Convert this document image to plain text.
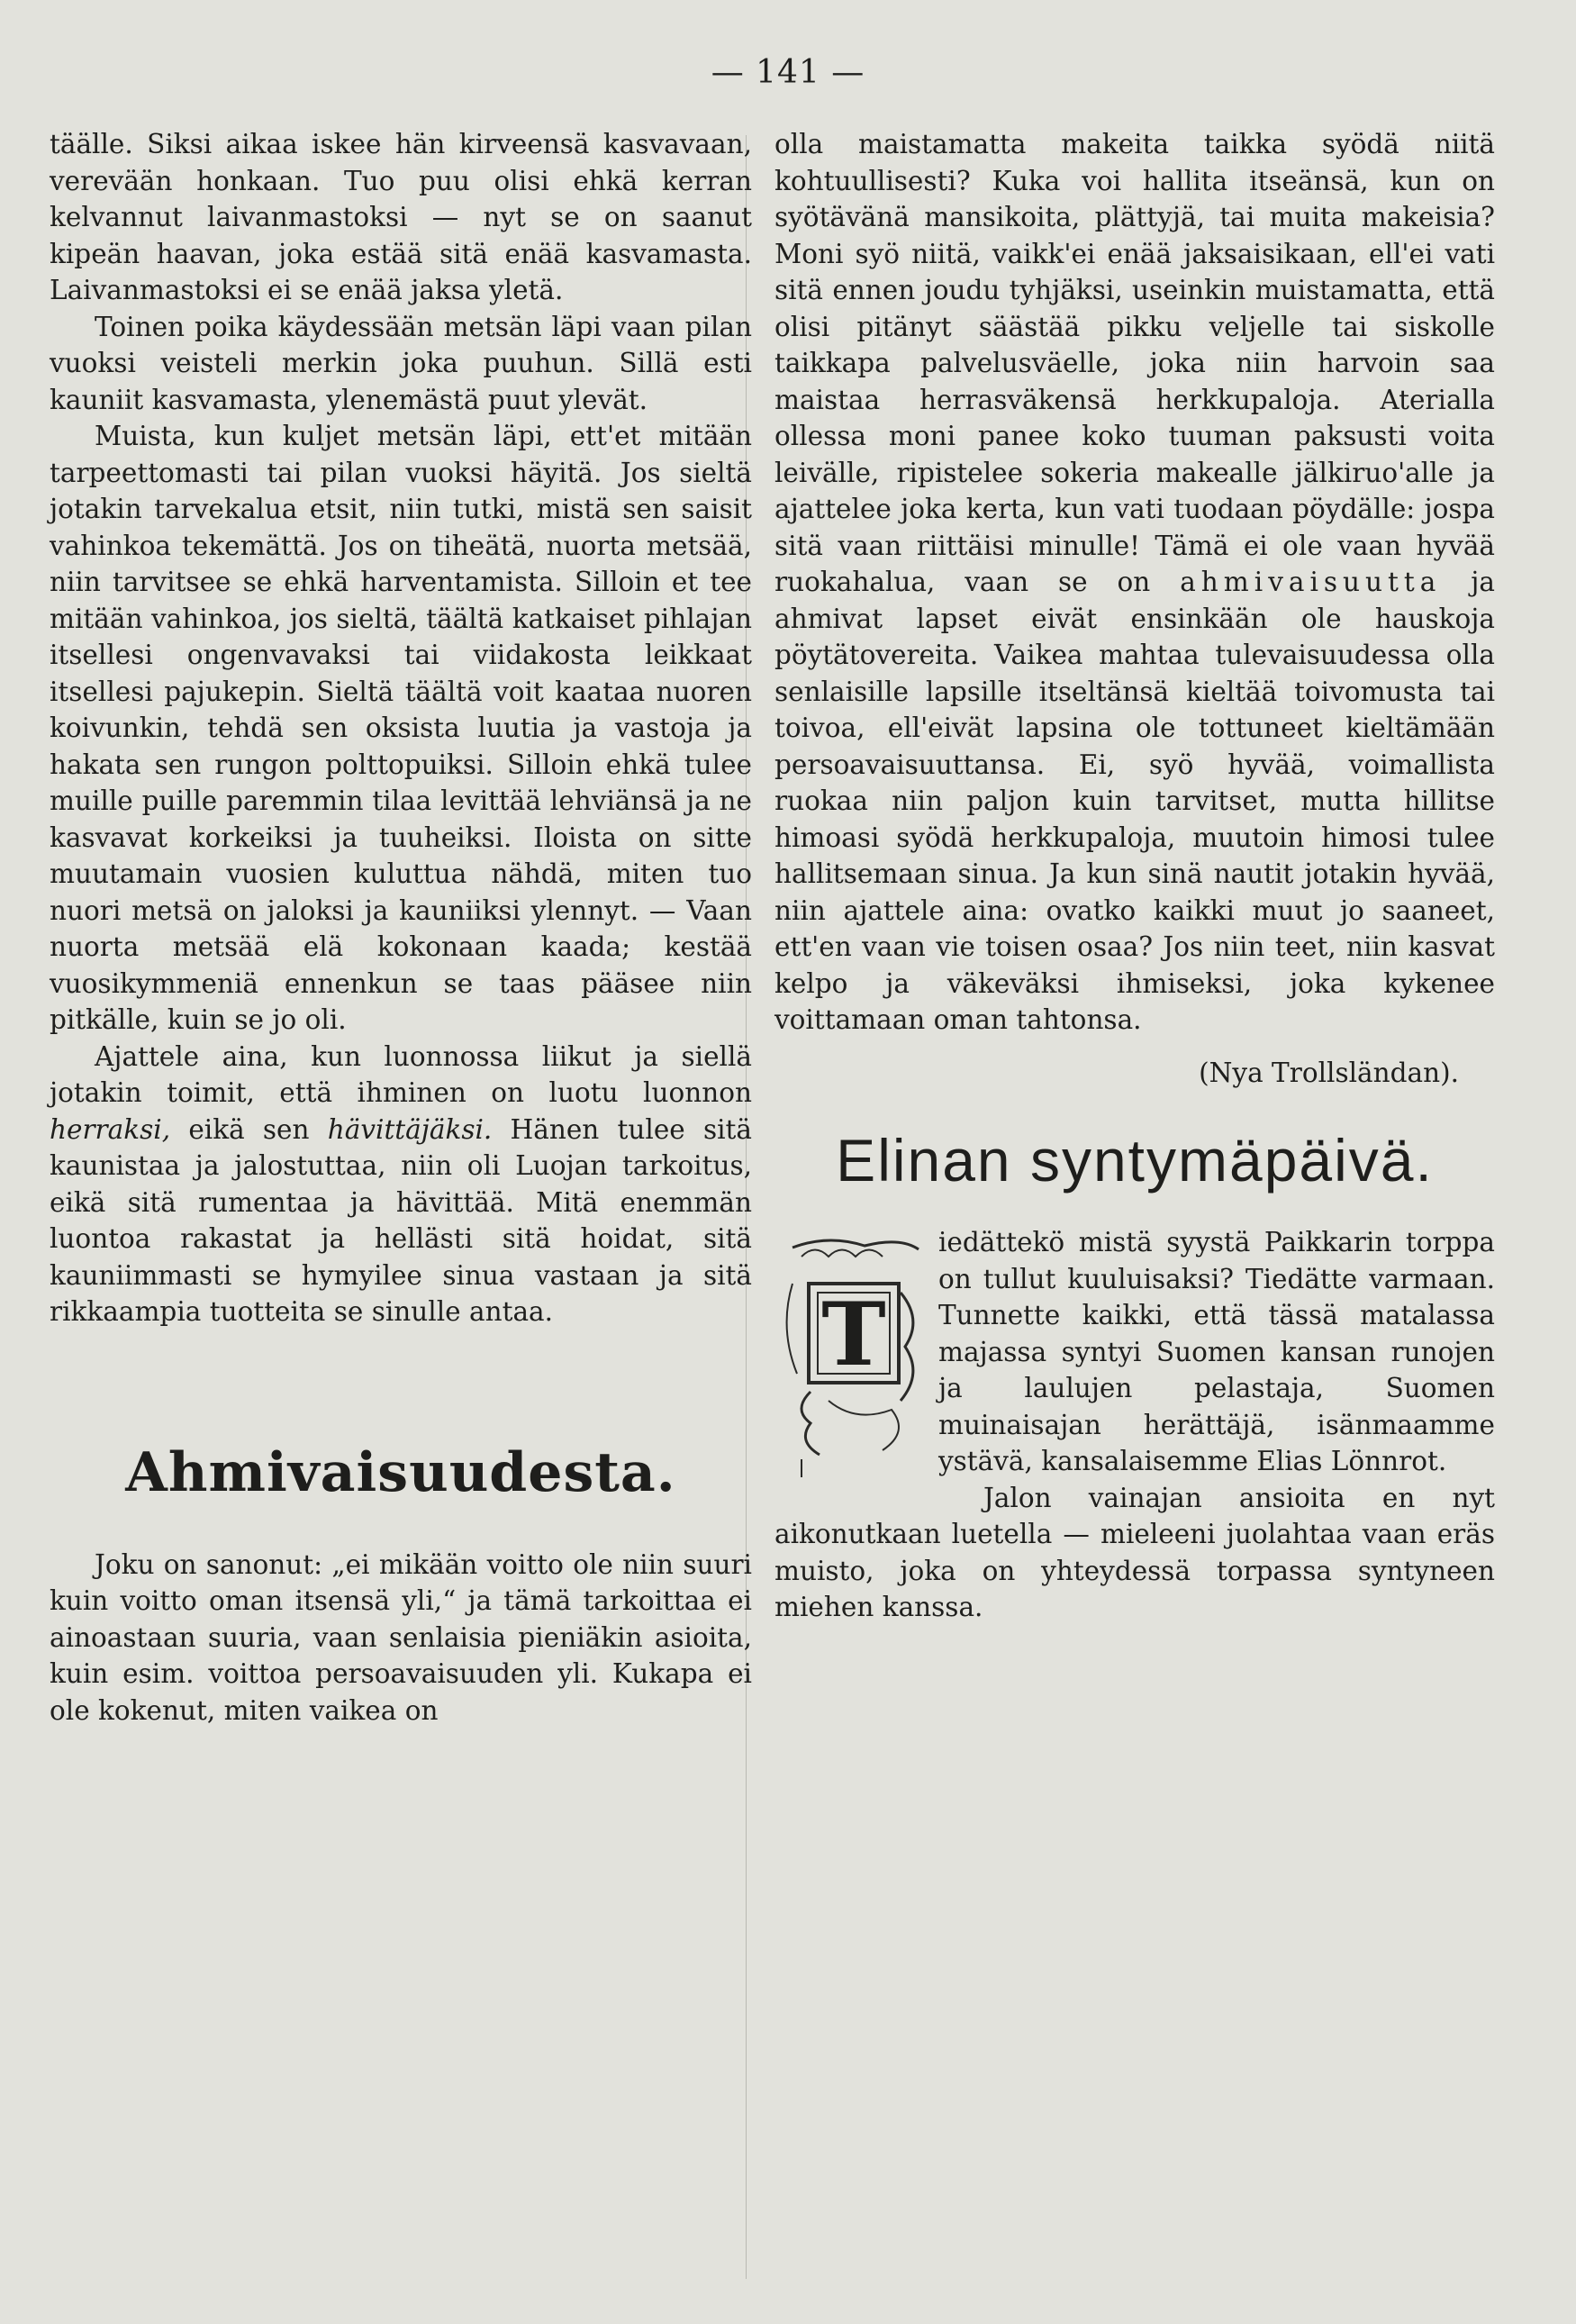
— 141 —

täälle. Siksi aikaa iskee hän kirveensä kasvavaan, verevään honkaan. Tuo puu olisi ehkä kerran kelvannut laivanmastoksi — nyt se on saanut kipeän haavan, joka estää sitä enää kasvamasta. Laivanmastoksi ei se enää jaksa yletä.

Toinen poika käydessään metsän läpi vaan pilan vuoksi veisteli merkin joka puuhun. Sillä esti kauniit kasvamasta, ylenemästä puut ylevät.

Muista, kun kuljet metsän läpi, ett'et mitään tarpeettomasti tai pilan vuoksi häyitä. Jos sieltä jotakin tarvekalua etsit, niin tutki, mistä sen saisit vahinkoa tekemättä. Jos on tiheätä, nuorta metsää, niin tarvitsee se ehkä harventamista. Silloin et tee mitään vahinkoa, jos sieltä, täältä katkaiset pihlajan itsellesi ongenvavaksi tai viidakosta leikkaat itsellesi pajukepin. Sieltä täältä voit kaataa nuoren koivunkin, tehdä sen oksista luutia ja vastoja ja hakata sen rungon polttopuiksi. Silloin ehkä tulee muille puille paremmin tilaa levittää lehviänsä ja ne kasvavat korkeiksi ja tuuheiksi. Iloista on sitte muutamain vuosien kuluttua nähdä, miten tuo nuori metsä on jaloksi ja kauniiksi ylennyt. — Vaan nuorta metsää elä kokonaan kaada; kestää vuosikymmeniä ennenkun se taas pääsee niin pitkälle, kuin se jo oli.

Ajattele aina, kun luonnossa liikut ja siellä jotakin toimit, että ihminen on luotu luonnon herraksi, eikä sen hävittäjäksi. Hänen tulee sitä kaunistaa ja jalostuttaa, niin oli Luojan tarkoitus, eikä sitä rumentaa ja hävittää. Mitä enemmän luontoa rakastat ja hellästi sitä hoidat, sitä kauniimmasti se hymyilee sinua vastaan ja sitä rikkaampia tuotteita se sinulle antaa.

Ahmivaisuudesta.

Joku on sanonut: „ei mikään voitto ole niin suuri kuin voitto oman itsensä yli,“ ja tämä tarkoittaa ei ainoastaan suuria, vaan senlaisia pieniäkin asioita, kuin esim. voittoa persoavaisuuden yli. Kukapa ei ole kokenut, miten vaikea on

olla maistamatta makeita taikka syödä niitä kohtuullisesti? Kuka voi hallita itseänsä, kun on syötävänä mansikoita, plättyjä, tai muita makeisia? Moni syö niitä, vaikk'ei enää jaksaisikaan, ell'ei vati sitä ennen joudu tyhjäksi, useinkin muistamatta, että olisi pitänyt säästää pikku veljelle tai siskolle taikkapa palvelusväelle, joka niin harvoin saa maistaa herrasväkensä herkkupaloja. Aterialla ollessa moni panee koko tuuman paksusti voita leivälle, ripistelee sokeria makealle jälkiruo'alle ja ajattelee joka kerta, kun vati tuodaan pöydälle: jospa sitä vaan riittäisi minulle! Tämä ei ole vaan hyvää ruokahalua, vaan se on ahmivaisuutta ja ahmivat lapset eivät ensinkään ole hauskoja pöytätovereita. Vaikea mahtaa tulevaisuudessa olla senlaisille lapsille itseltänsä kieltää toivomusta tai toivoa, ell'eivät lapsina ole tottuneet kieltämään persoavaisuuttansa. Ei, syö hyvää, voimallista ruokaa niin paljon kuin tarvitset, mutta hillitse himoasi syödä herkkupaloja, muutoin himosi tulee hallitsemaan sinua. Ja kun sinä nautit jotakin hyvää, niin ajattele aina: ovatko kaikki muut jo saaneet, ett'en vaan vie toisen osaa? Jos niin teet, niin kasvat kelpo ja väkeväksi ihmiseksi, joka kykenee voittamaan oman tahtonsa.

(Nya Trollsländan).

Elinan syntymäpäivä.

T

iedättekö mistä syystä Paikkarin torppa on tullut kuuluisaksi? Tiedätte varmaan. Tunnette kaikki, että tässä matalassa majassa syntyi Suomen kansan runojen ja laulujen pelastaja, Suomen muinaisajan herättäjä, isänmaamme ystävä, kansalaisemme Elias Lönnrot.

Jalon vainajan ansioita en nyt aikonutkaan luetella — mieleeni juolahtaa vaan eräs muisto, joka on yhteydessä torpassa syntyneen miehen kanssa.
